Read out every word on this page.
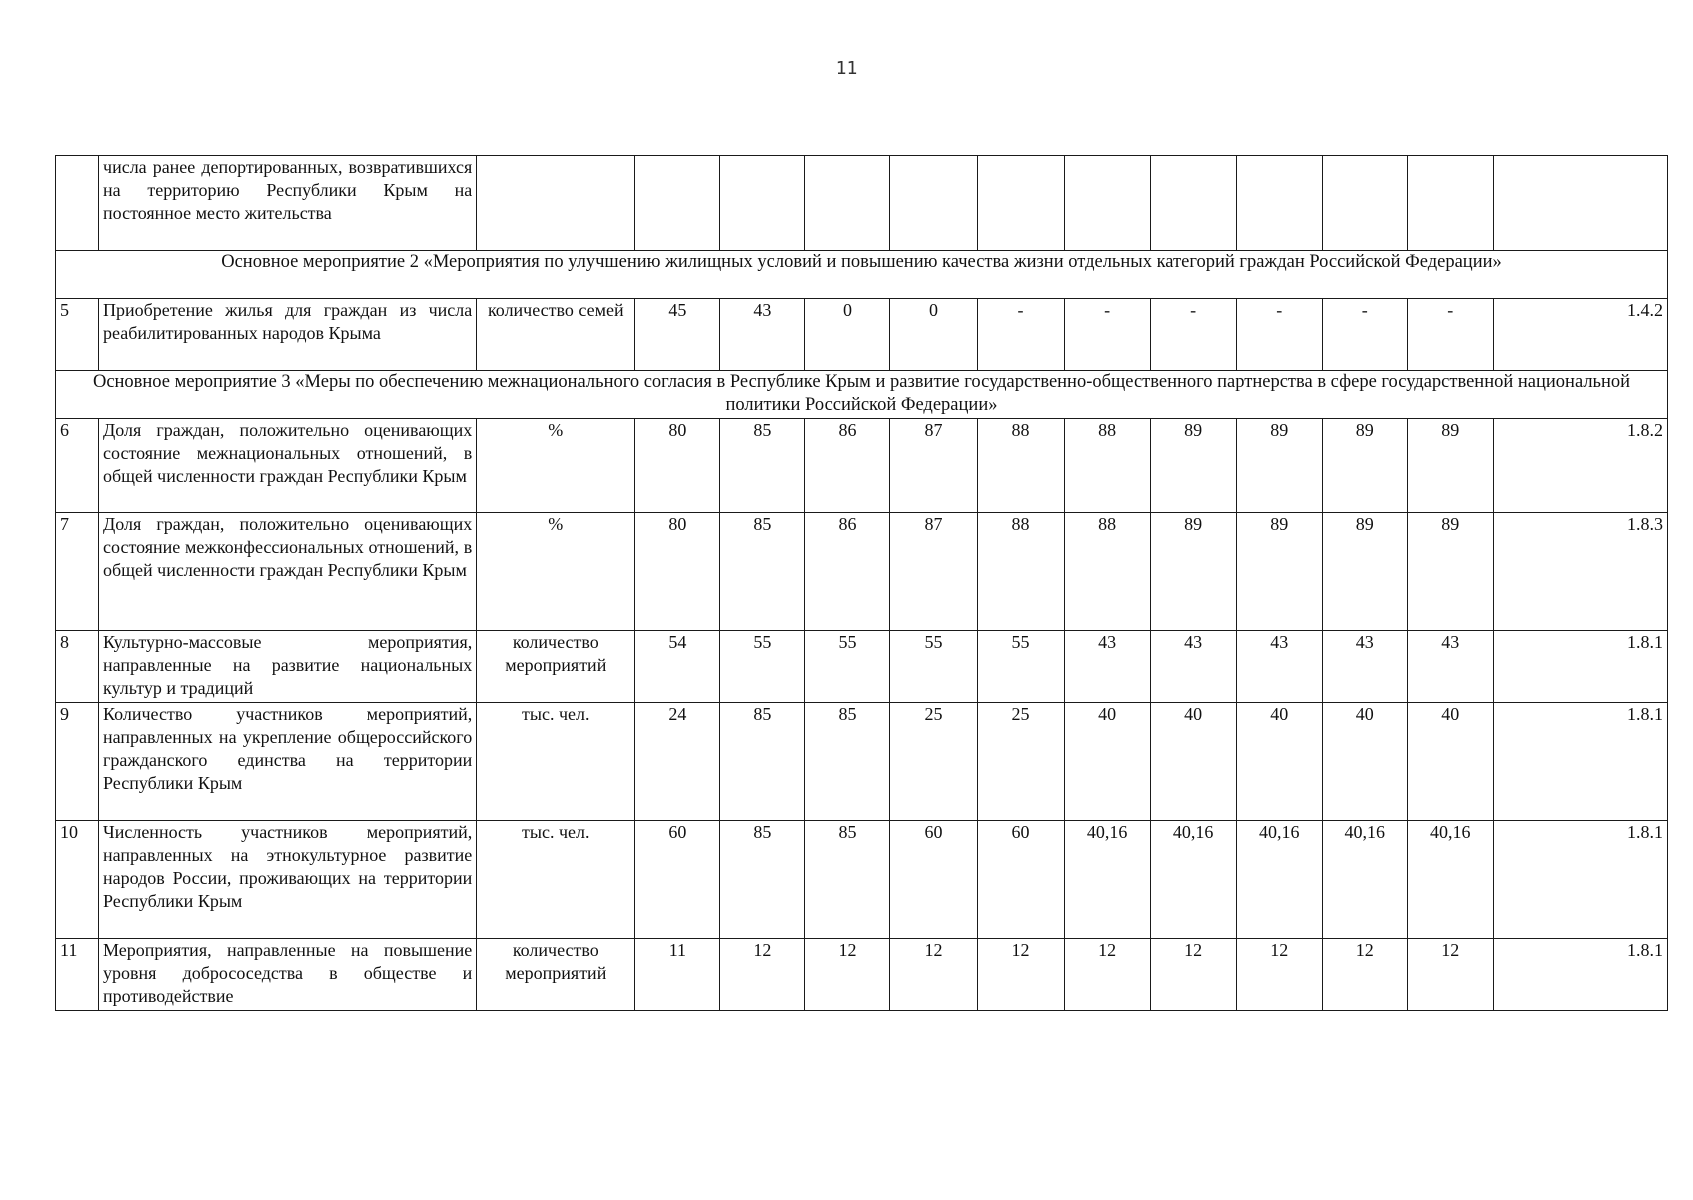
11
	числа ранее депортированных, возвратившихся на территорию Республики Крым на постоянное место жительства												
Основное мероприятие 2 «Мероприятия по улучшению жилищных условий и повышению качества жизни отдельных категорий граждан Российской Федерации»													
5	Приобретение жилья для граждан из числа реабилитированных народов Крыма	количество семей	45	43	0	0	-	-	-	-	-	-	1.4.2
Основное мероприятие 3 «Меры по обеспечению межнационального согласия в Республике Крым и развитие государственно-общественного партнерства в сфере государственной национальной политики Российской Федерации»													
6	Доля граждан, положительно оценивающих состояние межнациональных отношений, в общей численности граждан Республики Крым	%	80	85	86	87	88	88	89	89	89	89	1.8.2
7	Доля граждан, положительно оценивающих состояние межконфессиональных отношений, в общей численности граждан Республики Крым	%	80	85	86	87	88	88	89	89	89	89	1.8.3
8	Культурно-массовые мероприятия, направленные на развитие национальных культур и традиций	количество мероприятий	54	55	55	55	55	43	43	43	43	43	1.8.1
9	Количество участников мероприятий, направленных на укрепление общероссийского гражданского единства на территории Республики Крым	тыс. чел.	24	85	85	25	25	40	40	40	40	40	1.8.1
10	Численность участников мероприятий, направленных на этнокультурное развитие народов России, проживающих на территории Республики Крым	тыс. чел.	60	85	85	60	60	40,16	40,16	40,16	40,16	40,16	1.8.1
11	Мероприятия, направленные на повышение уровня добрососедства в обществе и противодействие	количество мероприятий	11	12	12	12	12	12	12	12	12	12	1.8.1
